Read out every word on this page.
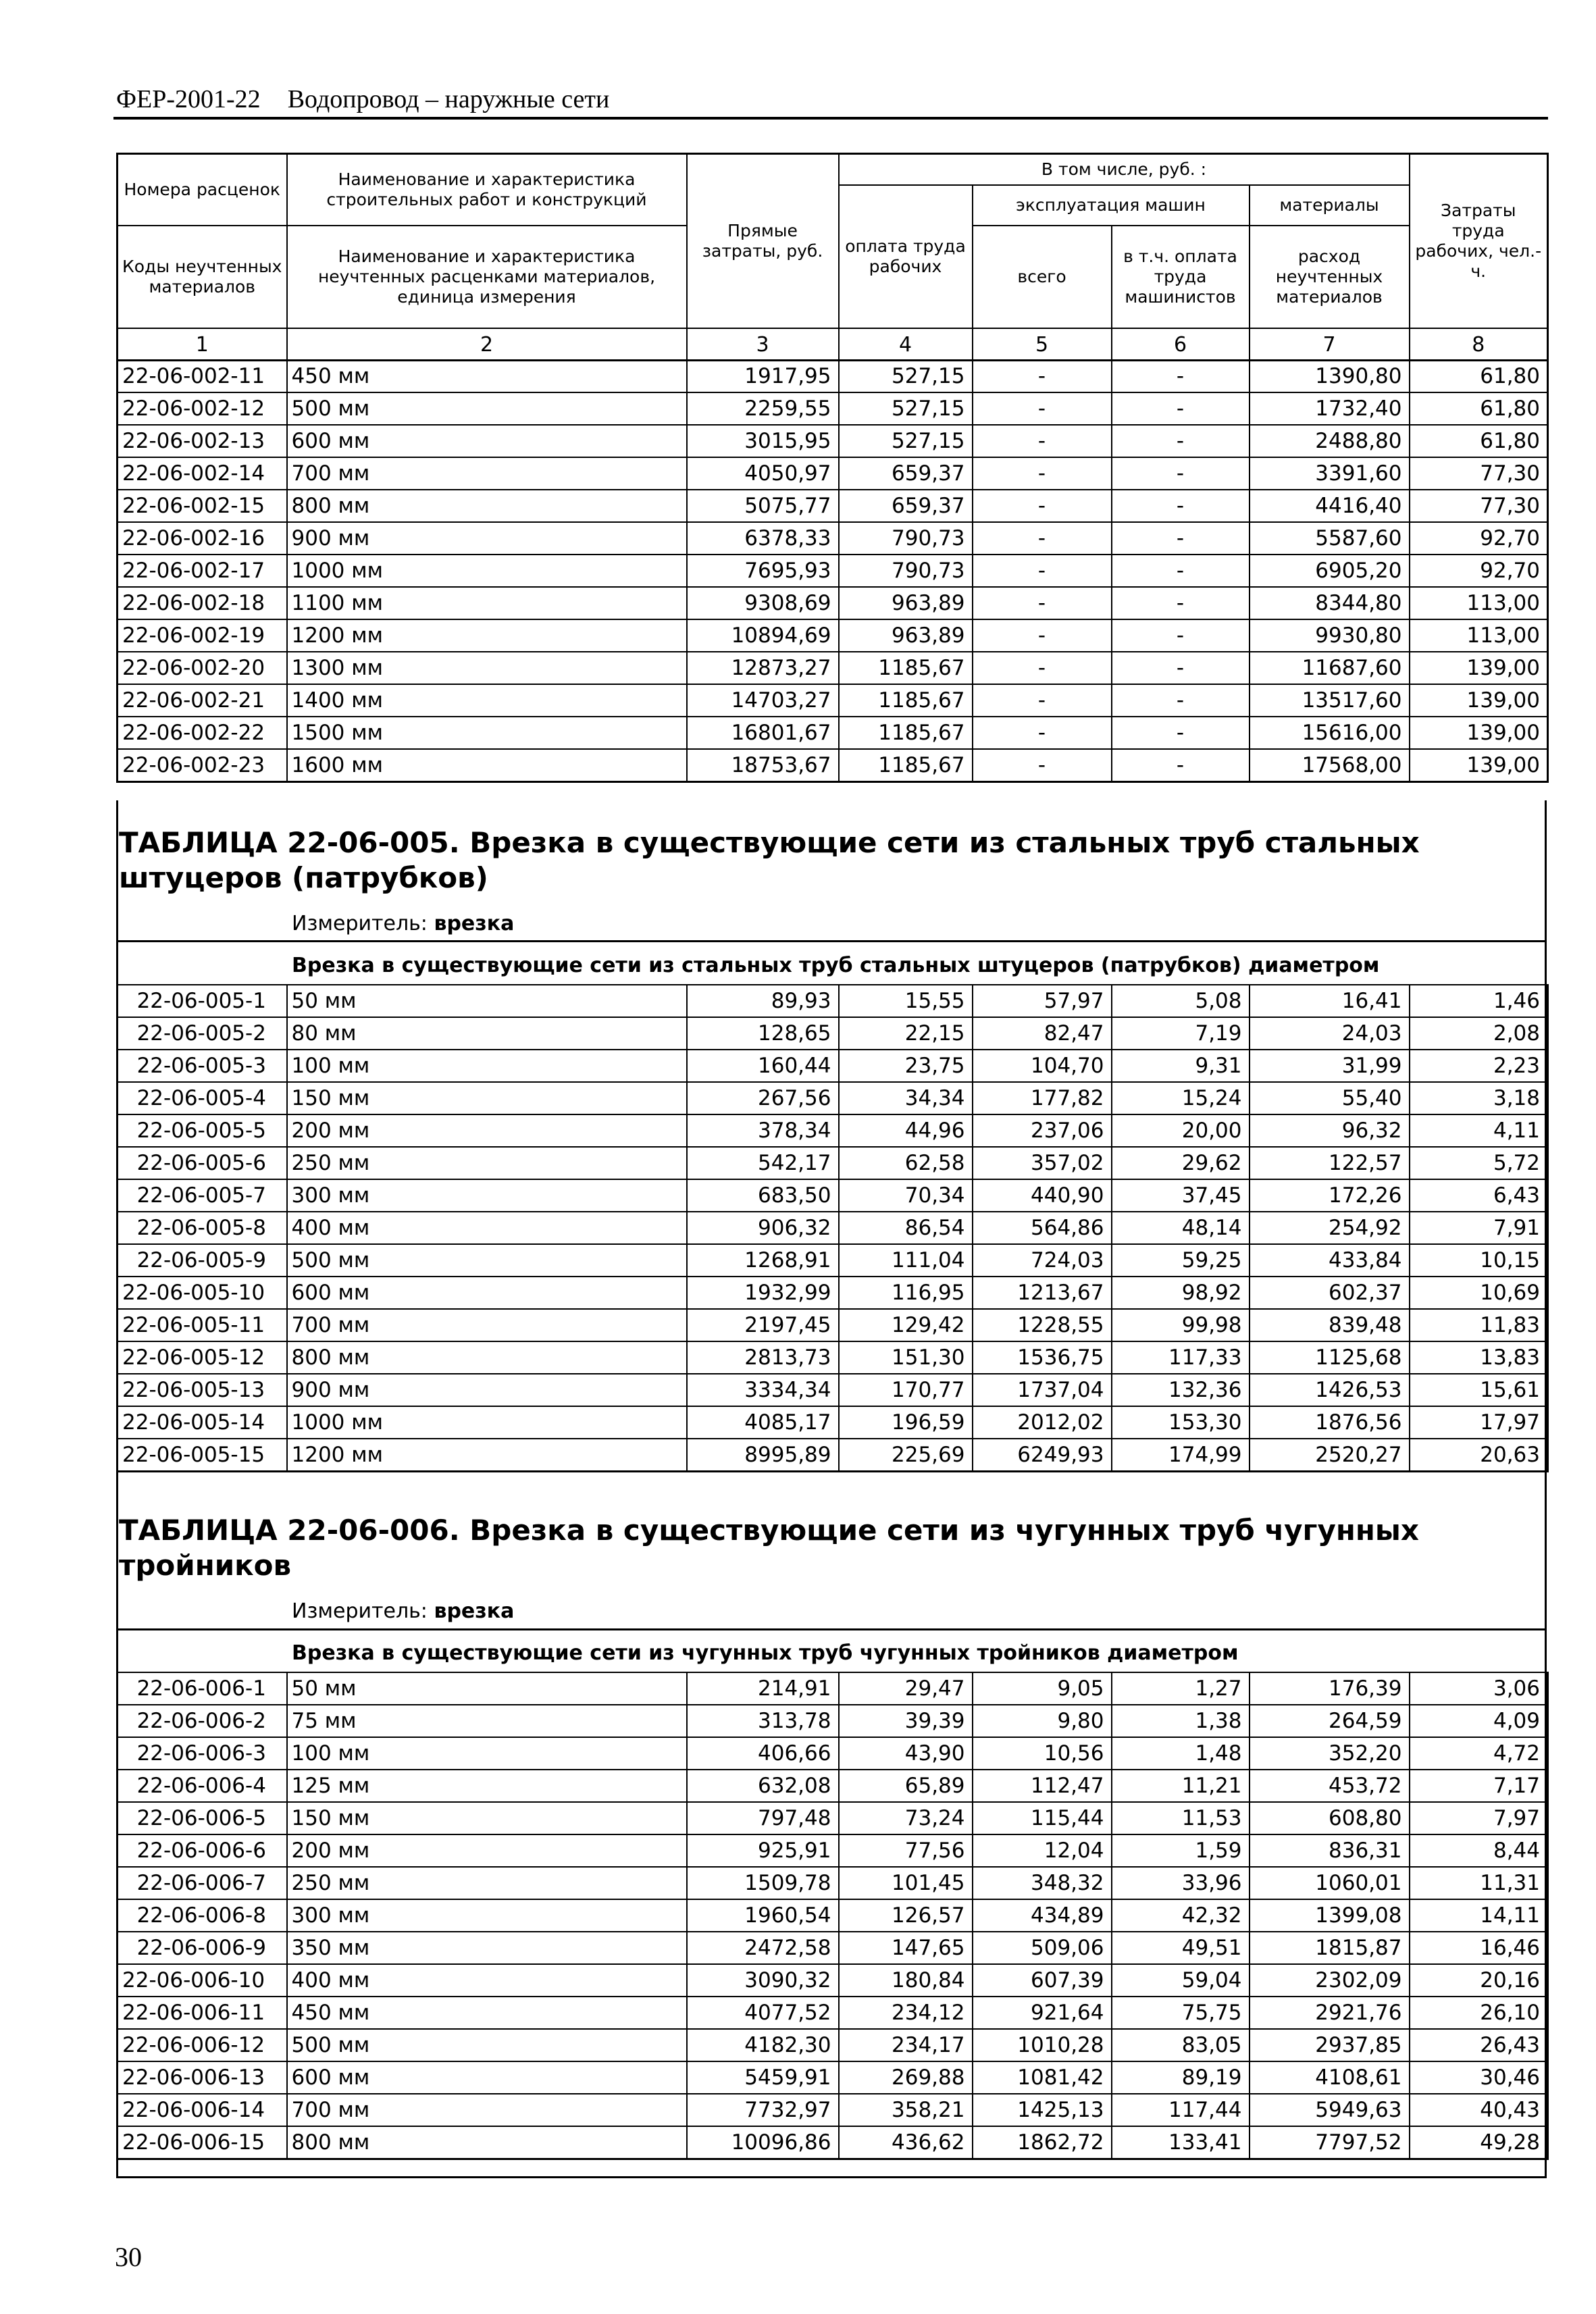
ФЕР-2001-22 Водопровод – наружные сети
Номера расценок	Наименование и характеристика строительных работ и конструкций	Прямые затраты, руб.	В том числе, руб. :				Затраты труда рабочих, чел.-ч.
			оплата труда рабочих	эксплуатация машин		материалы	
Коды неучтенных материалов	Наименование и характеристика неучтенных расценками материалов, единица измерения			всего	в т.ч. оплата труда машинистов	расход неучтенных материалов	

1	2	3	4	5	6	7	8
22-06-002-11	450 мм	1917,95	527,15	-	-	1390,80	61,80
22-06-002-12	500 мм	2259,55	527,15	-	-	1732,40	61,80
22-06-002-13	600 мм	3015,95	527,15	-	-	2488,80	61,80
22-06-002-14	700 мм	4050,97	659,37	-	-	3391,60	77,30
22-06-002-15	800 мм	5075,77	659,37	-	-	4416,40	77,30
22-06-002-16	900 мм	6378,33	790,73	-	-	5587,60	92,70
22-06-002-17	1000 мм	7695,93	790,73	-	-	6905,20	92,70
22-06-002-18	1100 мм	9308,69	963,89	-	-	8344,80	113,00
22-06-002-19	1200 мм	10894,69	963,89	-	-	9930,80	113,00
22-06-002-20	1300 мм	12873,27	1185,67	-	-	11687,60	139,00
22-06-002-21	1400 мм	14703,27	1185,67	-	-	13517,60	139,00
22-06-002-22	1500 мм	16801,67	1185,67	-	-	15616,00	139,00
22-06-002-23	1600 мм	18753,67	1185,67	-	-	17568,00	139,00
ТАБЛИЦА 22-06-005. Врезка в существующие сети из стальных труб стальных штуцеров (патрубков)
Измеритель: врезка
Врезка в существующие сети из стальных труб стальных штуцеров (патрубков) диаметром
22-06-005-1	50 мм	89,93	15,55	57,97	5,08	16,41	1,46
22-06-005-2	80 мм	128,65	22,15	82,47	7,19	24,03	2,08
22-06-005-3	100 мм	160,44	23,75	104,70	9,31	31,99	2,23
22-06-005-4	150 мм	267,56	34,34	177,82	15,24	55,40	3,18
22-06-005-5	200 мм	378,34	44,96	237,06	20,00	96,32	4,11
22-06-005-6	250 мм	542,17	62,58	357,02	29,62	122,57	5,72
22-06-005-7	300 мм	683,50	70,34	440,90	37,45	172,26	6,43
22-06-005-8	400 мм	906,32	86,54	564,86	48,14	254,92	7,91
22-06-005-9	500 мм	1268,91	111,04	724,03	59,25	433,84	10,15
22-06-005-10	600 мм	1932,99	116,95	1213,67	98,92	602,37	10,69
22-06-005-11	700 мм	2197,45	129,42	1228,55	99,98	839,48	11,83
22-06-005-12	800 мм	2813,73	151,30	1536,75	117,33	1125,68	13,83
22-06-005-13	900 мм	3334,34	170,77	1737,04	132,36	1426,53	15,61
22-06-005-14	1000 мм	4085,17	196,59	2012,02	153,30	1876,56	17,97
22-06-005-15	1200 мм	8995,89	225,69	6249,93	174,99	2520,27	20,63
ТАБЛИЦА 22-06-006. Врезка в существующие сети из чугунных труб чугунных тройников
Измеритель: врезка
Врезка в существующие сети из чугунных труб чугунных тройников диаметром
22-06-006-1	50 мм	214,91	29,47	9,05	1,27	176,39	3,06
22-06-006-2	75 мм	313,78	39,39	9,80	1,38	264,59	4,09
22-06-006-3	100 мм	406,66	43,90	10,56	1,48	352,20	4,72
22-06-006-4	125 мм	632,08	65,89	112,47	11,21	453,72	7,17
22-06-006-5	150 мм	797,48	73,24	115,44	11,53	608,80	7,97
22-06-006-6	200 мм	925,91	77,56	12,04	1,59	836,31	8,44
22-06-006-7	250 мм	1509,78	101,45	348,32	33,96	1060,01	11,31
22-06-006-8	300 мм	1960,54	126,57	434,89	42,32	1399,08	14,11
22-06-006-9	350 мм	2472,58	147,65	509,06	49,51	1815,87	16,46
22-06-006-10	400 мм	3090,32	180,84	607,39	59,04	2302,09	20,16
22-06-006-11	450 мм	4077,52	234,12	921,64	75,75	2921,76	26,10
22-06-006-12	500 мм	4182,30	234,17	1010,28	83,05	2937,85	26,43
22-06-006-13	600 мм	5459,91	269,88	1081,42	89,19	4108,61	30,46
22-06-006-14	700 мм	7732,97	358,21	1425,13	117,44	5949,63	40,43
22-06-006-15	800 мм	10096,86	436,62	1862,72	133,41	7797,52	49,28
30
